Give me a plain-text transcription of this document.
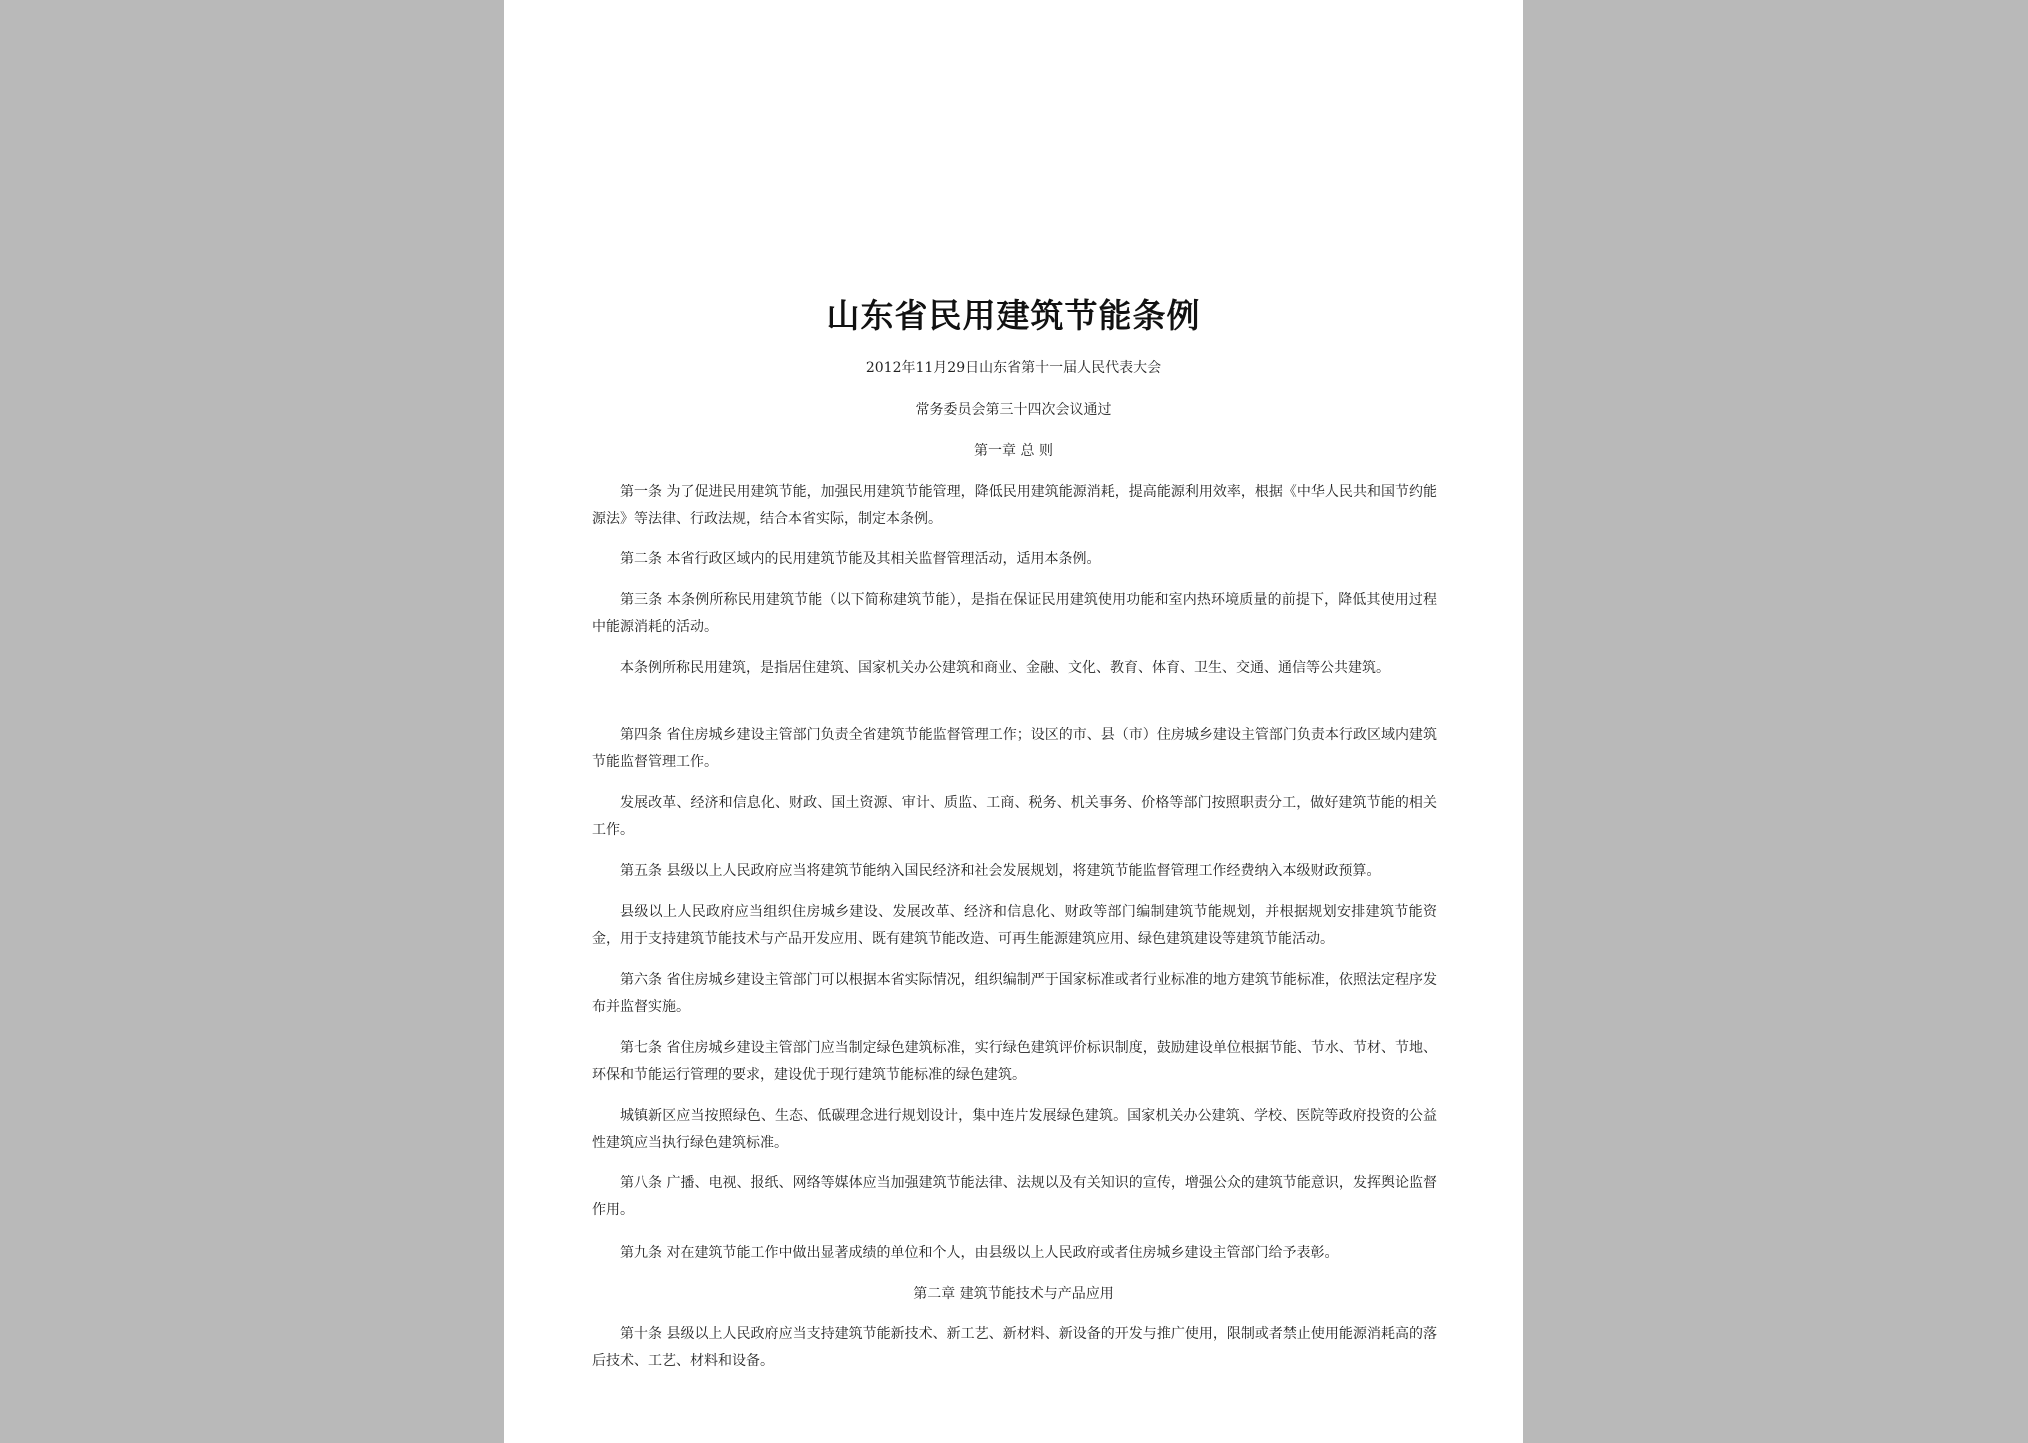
山东省民用建筑节能条例

2012年11月29日山东省第十一届人民代表大会

常务委员会第三十四次会议通过

第一章 总 则

第一条 为了促进民用建筑节能，加强民用建筑节能管理，降低民用建筑能源消耗，提高能源利用效率，根据《中华人民共和国节约能源法》等法律、行政法规，结合本省实际，制定本条例。

第二条 本省行政区域内的民用建筑节能及其相关监督管理活动，适用本条例。

第三条 本条例所称民用建筑节能（以下简称建筑节能），是指在保证民用建筑使用功能和室内热环境质量的前提下，降低其使用过程中能源消耗的活动。

本条例所称民用建筑，是指居住建筑、国家机关办公建筑和商业、金融、文化、教育、体育、卫生、交通、通信等公共建筑。

第四条 省住房城乡建设主管部门负责全省建筑节能监督管理工作；设区的市、县（市）住房城乡建设主管部门负责本行政区域内建筑节能监督管理工作。

发展改革、经济和信息化、财政、国土资源、审计、质监、工商、税务、机关事务、价格等部门按照职责分工，做好建筑节能的相关工作。

第五条 县级以上人民政府应当将建筑节能纳入国民经济和社会发展规划，将建筑节能监督管理工作经费纳入本级财政预算。

县级以上人民政府应当组织住房城乡建设、发展改革、经济和信息化、财政等部门编制建筑节能规划，并根据规划安排建筑节能资金，用于支持建筑节能技术与产品开发应用、既有建筑节能改造、可再生能源建筑应用、绿色建筑建设等建筑节能活动。

第六条 省住房城乡建设主管部门可以根据本省实际情况，组织编制严于国家标准或者行业标准的地方建筑节能标准，依照法定程序发布并监督实施。

第七条 省住房城乡建设主管部门应当制定绿色建筑标准，实行绿色建筑评价标识制度，鼓励建设单位根据节能、节水、节材、节地、环保和节能运行管理的要求，建设优于现行建筑节能标准的绿色建筑。

城镇新区应当按照绿色、生态、低碳理念进行规划设计，集中连片发展绿色建筑。国家机关办公建筑、学校、医院等政府投资的公益性建筑应当执行绿色建筑标准。

第八条 广播、电视、报纸、网络等媒体应当加强建筑节能法律、法规以及有关知识的宣传，增强公众的建筑节能意识，发挥舆论监督作用。

第九条 对在建筑节能工作中做出显著成绩的单位和个人，由县级以上人民政府或者住房城乡建设主管部门给予表彰。

第二章 建筑节能技术与产品应用

第十条 县级以上人民政府应当支持建筑节能新技术、新工艺、新材料、新设备的开发与推广使用，限制或者禁止使用能源消耗高的落后技术、工艺、材料和设备。
